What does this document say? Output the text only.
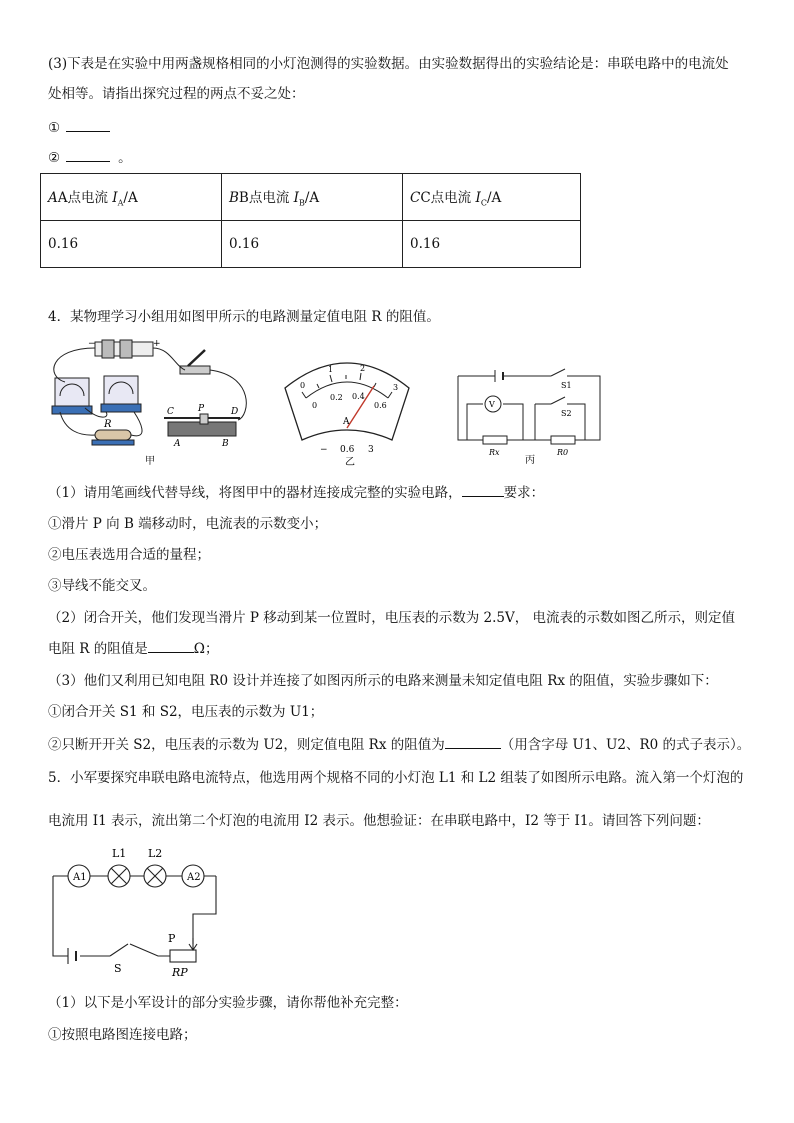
(3)下表是在实验中用两盏规格相同的小灯泡测得的实验数据。由实验数据得出的实验结论是：串联电路中的电流处
处相等。请指出探究过程的两点不妥之处：
①
②	。
AA点电流 $I_A/A$	BB点电流 $I_B/A$	CC点电流 $I_C/A$
0.16	0.16	0.16
4．某物理学习小组用如图甲所示的电路测量定值电阻 R 的阻值。
−	+
R
C	P	D
A	B
甲
0
1	2
3
0
0.2 0.4
0.6
A
− 0.6 3
乙
V
S1
S2
Rx	R0
丙
（1）请用笔画线代替导线，将图甲中的器材连接成完整的实验电路，	要求：
①滑片 P 向 B 端移动时，电流表的示数变小；
②电压表选用合适的量程；
③导线不能交叉。
（2）闭合开关，他们发现当滑片 P 移动到某一位置时，电压表的示数为 2.5V， 电流表的示数如图乙所示，则定值
电阻 R 的阻值是	Ω；
（3）他们又利用已知电阻 R0 设计并连接了如图丙所示的电路来测量未知定值电阻 Rx 的阻值，实验步骤如下：
①闭合开关 S1 和 S2，电压表的示数为 U1；
②只断开开关 S2，电压表的示数为 U2，则定值电阻 Rx 的阻值为	（用含字母 U1、U2、R0 的式子表示）。
5．小军要探究串联电路电流特点，他选用两个规格不同的小灯泡 L1 和 L2 组装了如图所示电路。流入第一个灯泡的
电流用 I1 表示，流出第二个灯泡的电流用 I2 表示。他想验证：在串联电路中，I2 等于 I1。请回答下列问题：
A1
L1 L2
A2
P
S	RP
（1）以下是小军设计的部分实验步骤，请你帮他补充完整：
①按照电路图连接电路；
